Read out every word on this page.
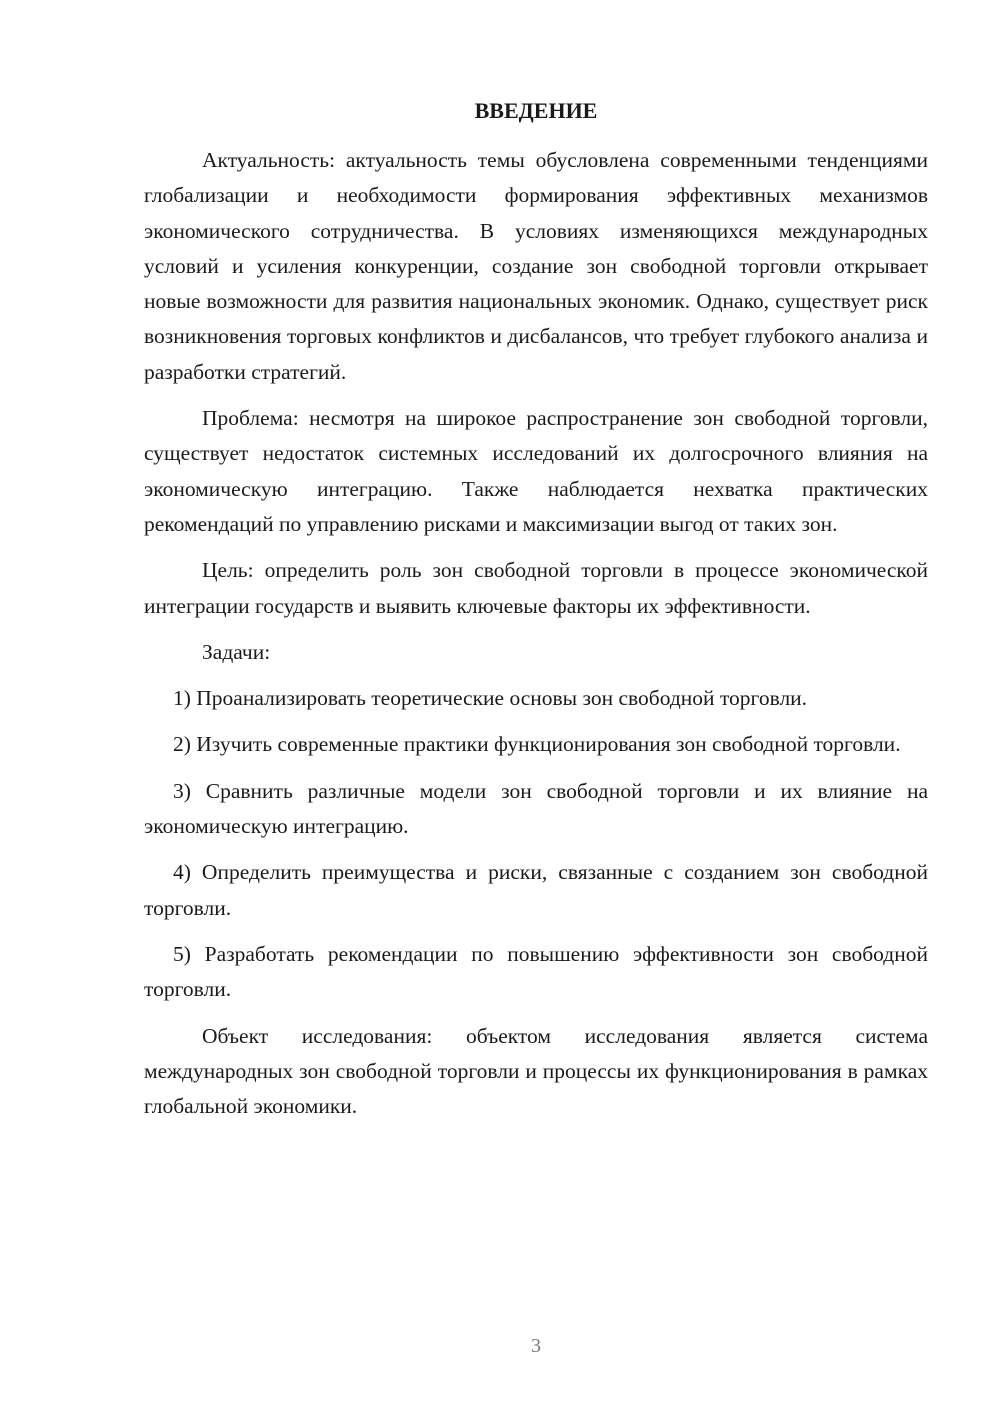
ВВЕДЕНИЕ

Актуальность: актуальность темы обусловлена современными тенденциями глобализации и необходимости формирования эффективных механизмов экономического сотрудничества. В условиях изменяющихся международных условий и усиления конкуренции, создание зон свободной торговли открывает новые возможности для развития национальных экономик. Однако, существует риск возникновения торговых конфликтов и дисбалансов, что требует глубокого анализа и разработки стратегий.

Проблема: несмотря на широкое распространение зон свободной торговли, существует недостаток системных исследований их долгосрочного влияния на экономическую интеграцию. Также наблюдается нехватка практических рекомендаций по управлению рисками и максимизации выгод от таких зон.

Цель: определить роль зон свободной торговли в процессе экономической интеграции государств и выявить ключевые факторы их эффективности.

Задачи:

1) Проанализировать теоретические основы зон свободной торговли.

2) Изучить современные практики функционирования зон свободной торговли.

3) Сравнить различные модели зон свободной торговли и их влияние на экономическую интеграцию.

4) Определить преимущества и риски, связанные с созданием зон свободной торговли.

5) Разработать рекомендации по повышению эффективности зон свободной торговли.

Объект исследования: объектом исследования является система международных зон свободной торговли и процессы их функционирования в рамках глобальной экономики.

3
